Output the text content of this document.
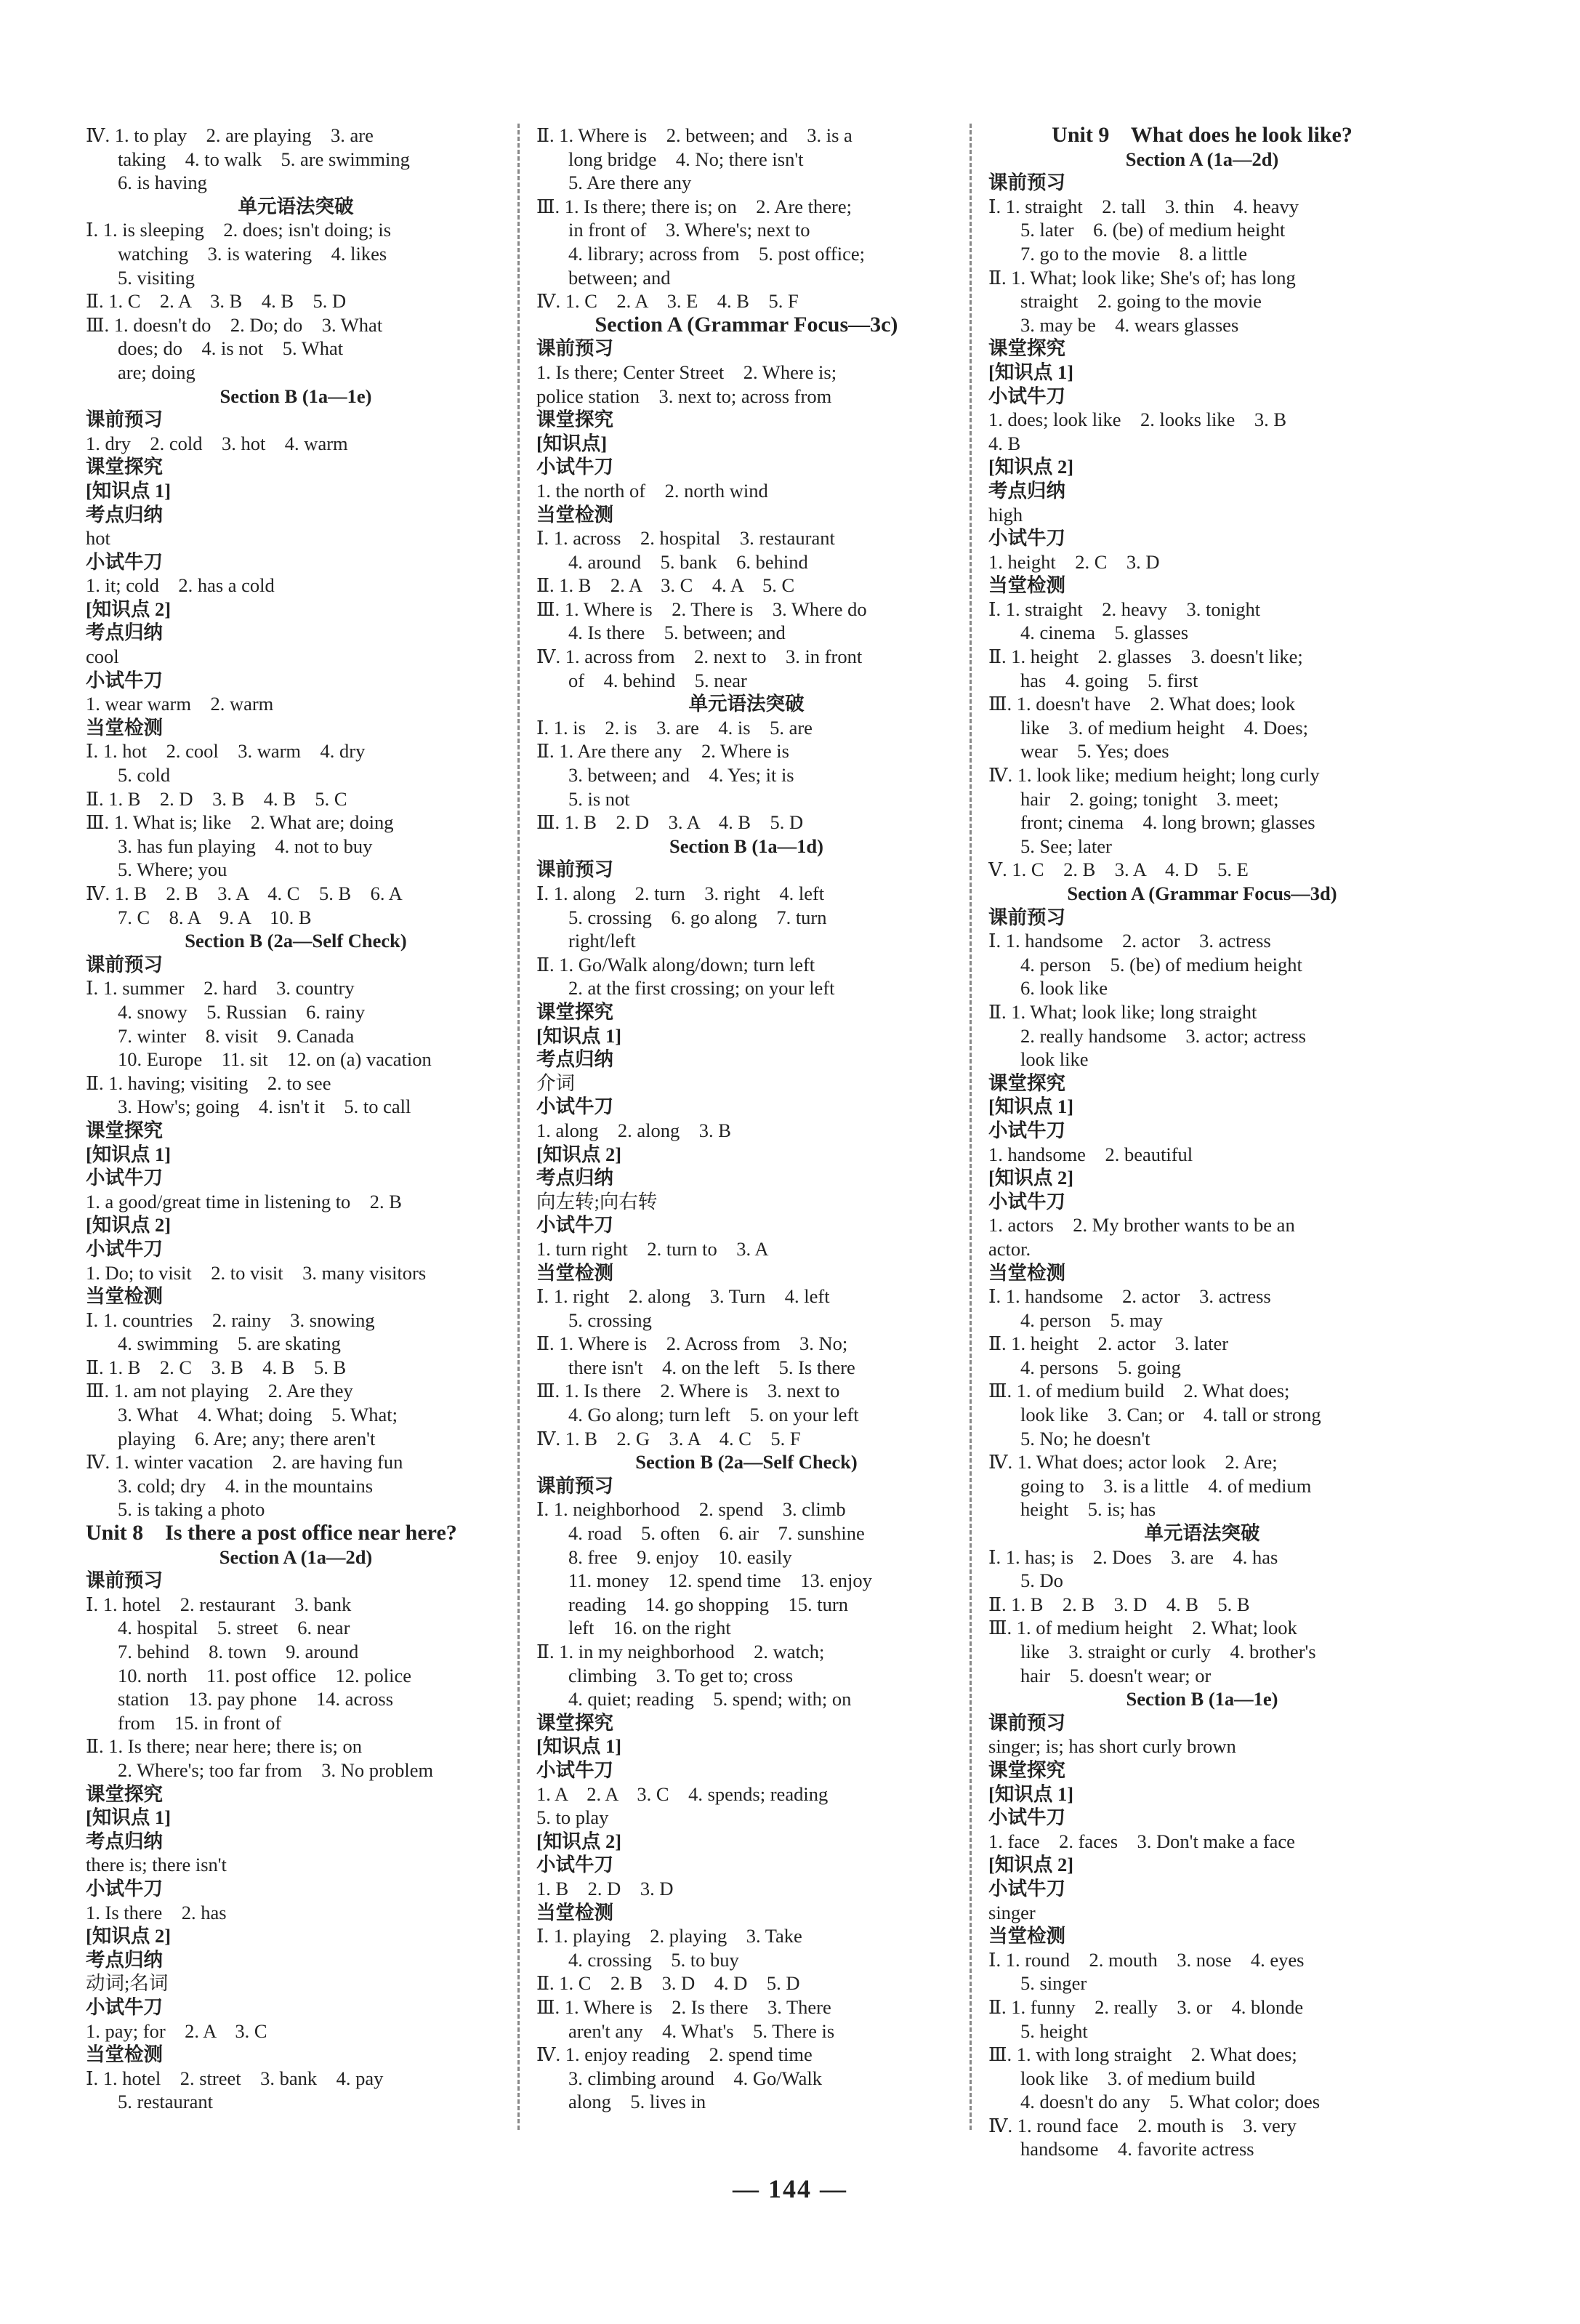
Ⅳ. 1. to play    2. are playing    3. are
taking    4. to walk    5. are swimming
6. is having
单元语法突破
Ⅰ. 1. is sleeping    2. does; isn't doing; is
watching    3. is watering    4. likes
5. visiting
Ⅱ. 1. C    2. A    3. B    4. B    5. D
Ⅲ. 1. doesn't do    2. Do; do    3. What
does; do    4. is not    5. What
are; doing
Section B (1a—1e)
课前预习
1. dry    2. cold    3. hot    4. warm
课堂探究
[知识点 1]
考点归纳
hot
小试牛刀
1. it; cold    2. has a cold
[知识点 2]
考点归纳
cool
小试牛刀
1. wear warm    2. warm
当堂检测
Ⅰ. 1. hot    2. cool    3. warm    4. dry
5. cold
Ⅱ. 1. B    2. D    3. B    4. B    5. C
Ⅲ. 1. What is; like    2. What are; doing
3. has fun playing    4. not to buy
5. Where; you
Ⅳ. 1. B    2. B    3. A    4. C    5. B    6. A
7. C    8. A    9. A    10. B
Section B (2a—Self Check)
课前预习
Ⅰ. 1. summer    2. hard    3. country
4. snowy    5. Russian    6. rainy
7. winter    8. visit    9. Canada
10. Europe    11. sit    12. on (a) vacation
Ⅱ. 1. having; visiting    2. to see
3. How's; going    4. isn't it    5. to call
课堂探究
[知识点 1]
小试牛刀
1. a good/great time in listening to    2. B
[知识点 2]
小试牛刀
1. Do; to visit    2. to visit    3. many visitors
当堂检测
Ⅰ. 1. countries    2. rainy    3. snowing
4. swimming    5. are skating
Ⅱ. 1. B    2. C    3. B    4. B    5. B
Ⅲ. 1. am not playing    2. Are they
3. What    4. What; doing    5. What;
playing    6. Are; any; there aren't
Ⅳ. 1. winter vacation    2. are having fun
3. cold; dry    4. in the mountains
5. is taking a photo
Unit 8    Is there a post office near here?
Section A (1a—2d)
课前预习
Ⅰ. 1. hotel    2. restaurant    3. bank
4. hospital    5. street    6. near
7. behind    8. town    9. around
10. north    11. post office    12. police
station    13. pay phone    14. across
from    15. in front of
Ⅱ. 1. Is there; near here; there is; on
2. Where's; too far from    3. No problem
课堂探究
[知识点 1]
考点归纳
there is; there isn't
小试牛刀
1. Is there    2. has
[知识点 2]
考点归纳
动词;名词
小试牛刀
1. pay; for    2. A    3. C
当堂检测
Ⅰ. 1. hotel    2. street    3. bank    4. pay
5. restaurant
Ⅱ. 1. Where is    2. between; and    3. is a
long bridge    4. No; there isn't
5. Are there any
Ⅲ. 1. Is there; there is; on    2. Are there;
in front of    3. Where's; next to
4. library; across from    5. post office;
between; and
Ⅳ. 1. C    2. A    3. E    4. B    5. F
Section A (Grammar Focus—3c)
课前预习
1. Is there; Center Street    2. Where is;
police station    3. next to; across from
课堂探究
[知识点]
小试牛刀
1. the north of    2. north wind
当堂检测
Ⅰ. 1. across    2. hospital    3. restaurant
4. around    5. bank    6. behind
Ⅱ. 1. B    2. A    3. C    4. A    5. C
Ⅲ. 1. Where is    2. There is    3. Where do
4. Is there    5. between; and
Ⅳ. 1. across from    2. next to    3. in front
of    4. behind    5. near
单元语法突破
Ⅰ. 1. is    2. is    3. are    4. is    5. are
Ⅱ. 1. Are there any    2. Where is
3. between; and    4. Yes; it is
5. is not
Ⅲ. 1. B    2. D    3. A    4. B    5. D
Section B (1a—1d)
课前预习
Ⅰ. 1. along    2. turn    3. right    4. left
5. crossing    6. go along    7. turn
right/left
Ⅱ. 1. Go/Walk along/down; turn left
2. at the first crossing; on your left
课堂探究
[知识点 1]
考点归纳
介词
小试牛刀
1. along    2. along    3. B
[知识点 2]
考点归纳
向左转;向右转
小试牛刀
1. turn right    2. turn to    3. A
当堂检测
Ⅰ. 1. right    2. along    3. Turn    4. left
5. crossing
Ⅱ. 1. Where is    2. Across from    3. No;
there isn't    4. on the left    5. Is there
Ⅲ. 1. Is there    2. Where is    3. next to
4. Go along; turn left    5. on your left
Ⅳ. 1. B    2. G    3. A    4. C    5. F
Section B (2a—Self Check)
课前预习
Ⅰ. 1. neighborhood    2. spend    3. climb
4. road    5. often    6. air    7. sunshine
8. free    9. enjoy    10. easily
11. money    12. spend time    13. enjoy
reading    14. go shopping    15. turn
left    16. on the right
Ⅱ. 1. in my neighborhood    2. watch;
climbing    3. To get to; cross
4. quiet; reading    5. spend; with; on
课堂探究
[知识点 1]
小试牛刀
1. A    2. A    3. C    4. spends; reading
5. to play
[知识点 2]
小试牛刀
1. B    2. D    3. D
当堂检测
Ⅰ. 1. playing    2. playing    3. Take
4. crossing    5. to buy
Ⅱ. 1. C    2. B    3. D    4. D    5. D
Ⅲ. 1. Where is    2. Is there    3. There
aren't any    4. What's    5. There is
Ⅳ. 1. enjoy reading    2. spend time
3. climbing around    4. Go/Walk
along    5. lives in
Unit 9    What does he look like?
Section A (1a—2d)
课前预习
Ⅰ. 1. straight    2. tall    3. thin    4. heavy
5. later    6. (be) of medium height
7. go to the movie    8. a little
Ⅱ. 1. What; look like; She's of; has long
straight    2. going to the movie
3. may be    4. wears glasses
课堂探究
[知识点 1]
小试牛刀
1. does; look like    2. looks like    3. B
4. B
[知识点 2]
考点归纳
high
小试牛刀
1. height    2. C    3. D
当堂检测
Ⅰ. 1. straight    2. heavy    3. tonight
4. cinema    5. glasses
Ⅱ. 1. height    2. glasses    3. doesn't like;
has    4. going    5. first
Ⅲ. 1. doesn't have    2. What does; look
like    3. of medium height    4. Does;
wear    5. Yes; does
Ⅳ. 1. look like; medium height; long curly
hair    2. going; tonight    3. meet;
front; cinema    4. long brown; glasses
5. See; later
Ⅴ. 1. C    2. B    3. A    4. D    5. E
Section A (Grammar Focus—3d)
课前预习
Ⅰ. 1. handsome    2. actor    3. actress
4. person    5. (be) of medium height
6. look like
Ⅱ. 1. What; look like; long straight
2. really handsome    3. actor; actress
look like
课堂探究
[知识点 1]
小试牛刀
1. handsome    2. beautiful
[知识点 2]
小试牛刀
1. actors    2. My brother wants to be an
actor.
当堂检测
Ⅰ. 1. handsome    2. actor    3. actress
4. person    5. may
Ⅱ. 1. height    2. actor    3. later
4. persons    5. going
Ⅲ. 1. of medium build    2. What does;
look like    3. Can; or    4. tall or strong
5. No; he doesn't
Ⅳ. 1. What does; actor look    2. Are;
going to    3. is a little    4. of medium
height    5. is; has
单元语法突破
Ⅰ. 1. has; is    2. Does    3. are    4. has
5. Do
Ⅱ. 1. B    2. B    3. D    4. B    5. B
Ⅲ. 1. of medium height    2. What; look
like    3. straight or curly    4. brother's
hair    5. doesn't wear; or
Section B (1a—1e)
课前预习
singer; is; has short curly brown
课堂探究
[知识点 1]
小试牛刀
1. face    2. faces    3. Don't make a face
[知识点 2]
小试牛刀
singer
当堂检测
Ⅰ. 1. round    2. mouth    3. nose    4. eyes
5. singer
Ⅱ. 1. funny    2. really    3. or    4. blonde
5. height
Ⅲ. 1. with long straight    2. What does;
look like    3. of medium build
4. doesn't do any    5. What color; does
Ⅳ. 1. round face    2. mouth is    3. very
handsome    4. favorite actress
— 144 —
